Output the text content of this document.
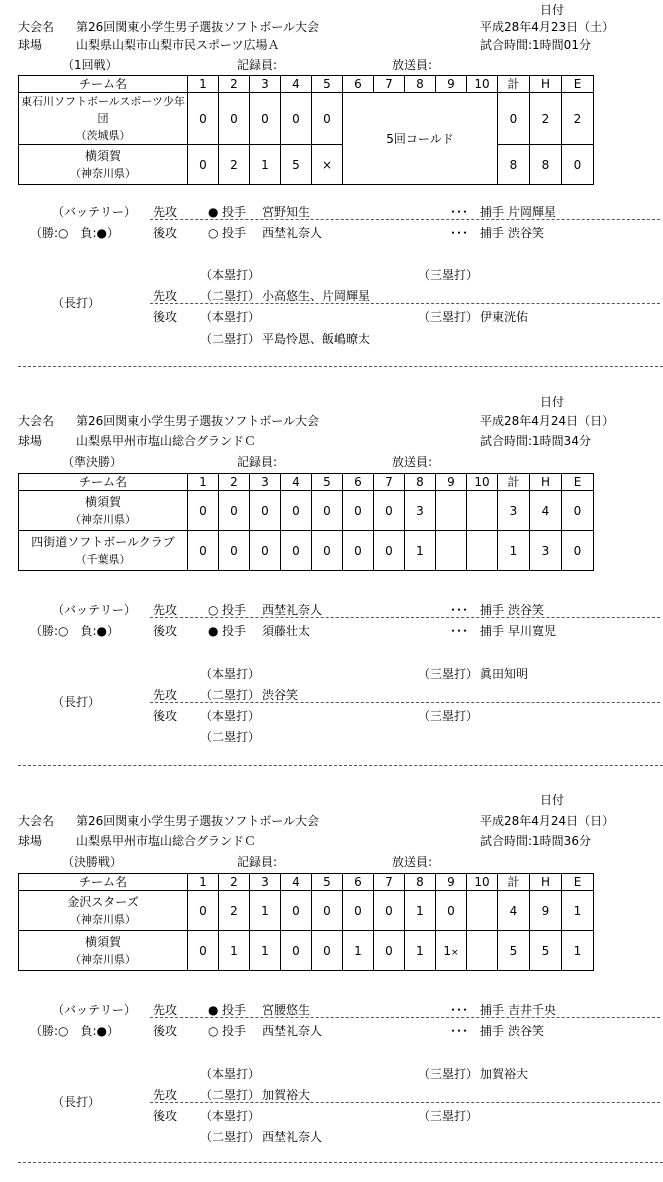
日付
大会名 第26回関東小学生男子選抜ソフトボール大会	平成28年4月23日（土）
球場	山梨県山梨市山梨市民スポーツ広場Ａ	試合時間:1時間01分
（1回戦）	記録員:	放送員:
チーム名	1	2	3	4	5	6	7	8	9	10	計	H	E

東石川ソフトボールスポーツ少年団
（茨城県）	0	0	0	0	0	5回コールド					0	2	2

横須賀
（神奈川県）	0	2	1	5	×						8	8	0
（バッテリー） 先攻	● 投手 宮野知生	･･･ 捕手 片岡輝星
（勝:○　負:●）	後攻	○ 投手 西埜礼奈人	･･･ 捕手 渋谷笑
（本塁打）	（三塁打）
先攻 （二塁打） 小高悠生、片岡輝星
（長打）
後攻 （本塁打）	（三塁打） 伊東洸佑
（二塁打） 平島怜恩、飯嶋暸太
日付
大会名 第26回関東小学生男子選抜ソフトボール大会	平成28年4月24日（日）
球場	山梨県甲州市塩山総合グランドＣ	試合時間:1時間34分
（準決勝）	記録員:	放送員:
チーム名	1	2	3	4	5	6	7	8	9	10	計	H	E

横須賀
（神奈川県）	0	0	0	0	0	0	0	3			3	4	0

四街道ソフトボールクラブ
（千葉県）	0	0	0	0	0	0	0	1			1	3	0
（バッテリー） 先攻	○ 投手 西埜礼奈人	･･･ 捕手 渋谷笑
（勝:○　負:●）	後攻	● 投手 須藤壮太	･･･ 捕手 早川寛児
（本塁打）	（三塁打） 眞田知明
先攻 （二塁打） 渋谷笑
（長打）
後攻 （本塁打）	（三塁打）
（二塁打）
日付
大会名 第26回関東小学生男子選抜ソフトボール大会	平成28年4月24日（日）
球場	山梨県甲州市塩山総合グランドＣ	試合時間:1時間36分
（決勝戦）	記録員:	放送員:
チーム名	1	2	3	4	5	6	7	8	9	10	計	H	E

金沢スターズ
（神奈川県）	0	2	1	0	0	0	0	1	0		4	9	1

横須賀
（神奈川県）	0	1	1	0	0	1	0	1	1×		5	5	1
（バッテリー） 先攻	● 投手 宮腰悠生	･･･ 捕手 吉井千央
（勝:○　負:●）	後攻	○ 投手 西埜礼奈人	･･･ 捕手 渋谷笑
（本塁打）	（三塁打） 加賀裕大
先攻 （二塁打） 加賀裕大
（長打）
後攻 （本塁打）	（三塁打）
（二塁打） 西埜礼奈人
